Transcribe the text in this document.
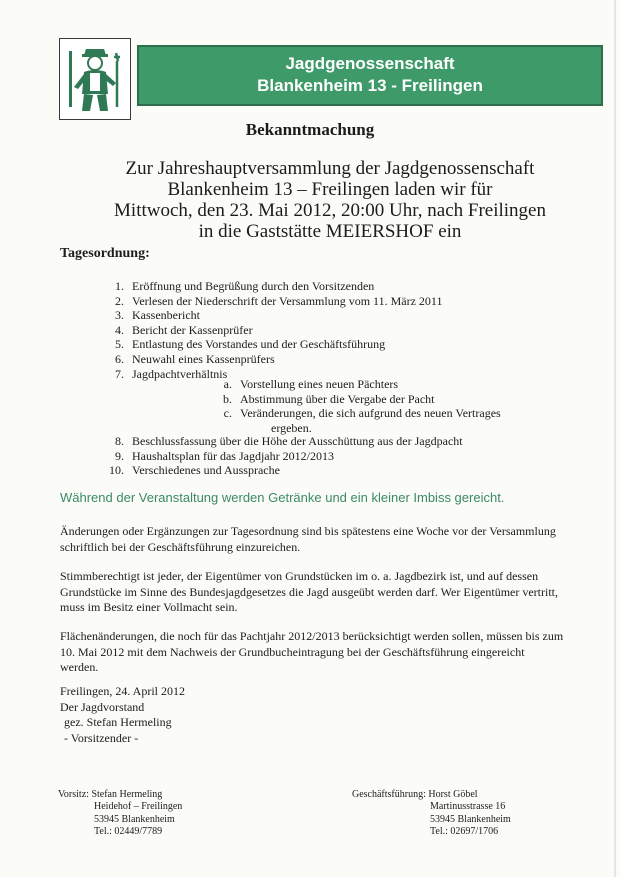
Jagdgenossenschaft
Blankenheim 13 - Freilingen
Bekanntmachung
Zur Jahreshauptversammlung der Jagdgenossenschaft
Blankenheim 13 – Freilingen laden wir für
Mittwoch, den 23. Mai 2012, 20:00 Uhr, nach Freilingen
in die Gaststätte MEIERSHOF ein
Tagesordnung:
1. Eröffnung und Begrüßung durch den Vorsitzenden
2. Verlesen der Niederschrift der Versammlung vom 11. März 2011
3. Kassenbericht
4. Bericht der Kassenprüfer
5. Entlastung des Vorstandes und der Geschäftsführung
6. Neuwahl eines Kassenprüfers
7. Jagdpachtverhältnis
a. Vorstellung eines neuen Pächters
b. Abstimmung über die Vergabe der Pacht
c. Veränderungen, die sich aufgrund des neuen Vertrages
ergeben.
8. Beschlussfassung über die Höhe der Ausschüttung aus der Jagdpacht
9. Haushaltsplan für das Jagdjahr 2012/2013
10. Verschiedenes und Aussprache
Während der Veranstaltung werden Getränke und ein kleiner Imbiss gereicht.
Änderungen oder Ergänzungen zur Tagesordnung sind bis spätestens eine Woche vor der Versammlung schriftlich bei der Geschäftsführung einzureichen.
Stimmberechtigt ist jeder, der Eigentümer von Grundstücken im o. a. Jagdbezirk ist, und auf dessen Grundstücke im Sinne des Bundesjagdgesetzes die Jagd ausgeübt werden darf. Wer Eigentümer vertritt, muss im Besitz einer Vollmacht sein.
Flächenänderungen, die noch für das Pachtjahr 2012/2013 berücksichtigt werden sollen, müssen bis zum 10. Mai 2012 mit dem Nachweis der Grundbucheintragung bei der Geschäftsführung eingereicht werden.
Freilingen, 24. April 2012
Der Jagdvorstand
gez. Stefan Hermeling
- Vorsitzender -
Vorsitz: Stefan Hermeling
Heidehof – Freilingen
53945 Blankenheim
Tel.: 02449/7789
Geschäftsführung: Horst Göbel
Martinusstrasse 16
53945 Blankenheim
Tel.: 02697/1706
